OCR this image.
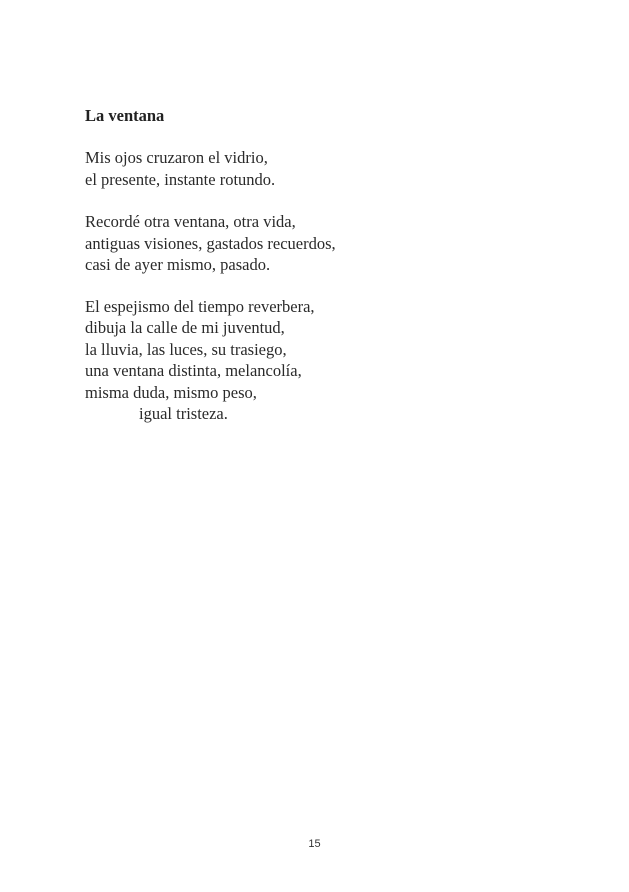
La ventana

Mis ojos cruzaron el vidrio,
el presente, instante rotundo.

Recordé otra ventana, otra vida,
antiguas visiones, gastados recuerdos,
casi de ayer mismo, pasado.

El espejismo del tiempo reverbera,
dibuja la calle de mi juventud,
la lluvia, las luces, su trasiego,
una ventana distinta, melancolía,
misma duda, mismo peso,
igual tristeza.

15
